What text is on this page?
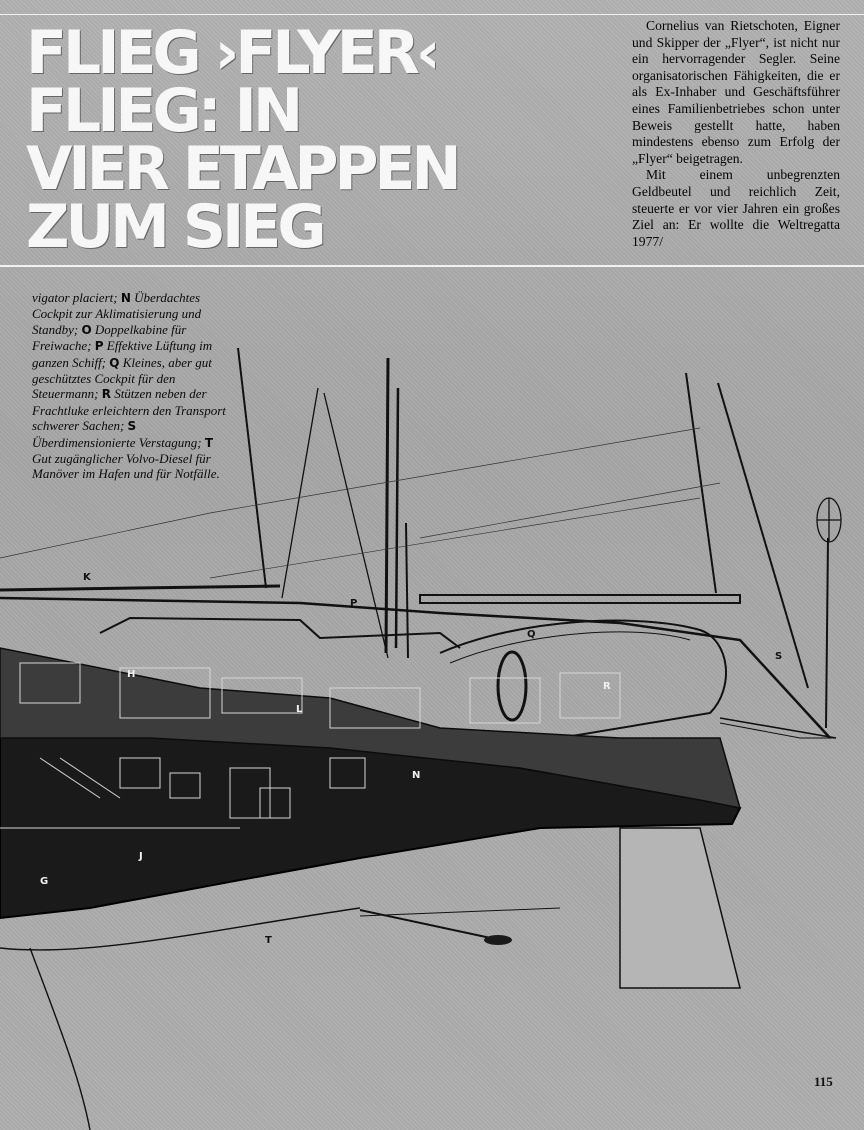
FLIEG ›FLYER‹
FLIEG: IN
VIER ETAPPEN
ZUM SIEG

Cornelius van Rietschoten, Eigner und Skipper der „Flyer“, ist nicht nur ein hervorragender Segler. Seine organisatorischen Fähigkeiten, die er als Ex-Inhaber und Geschäftsführer eines Familienbetriebes schon unter Beweis gestellt hatte, haben mindestens ebenso zum Erfolg der „Flyer“ beigetragen.

Mit einem unbegrenzten Geldbeutel und reichlich Zeit, steuerte er vor vier Jahren ein großes Ziel an: Er wollte die Weltregatta 1977/

K
P
Q
H
L
R
S
N
J
G
T
vigator placiert; N Überdachtes Cockpit zur Aklimatisierung und Standby; O Doppelkabine für Freiwache; P Effektive Lüftung im ganzen Schiff; Q Kleines, aber gut geschütztes Cockpit für den Steuermann; R Stützen neben der Frachtluke erleichtern den Transport schwerer Sachen; S Überdimensionierte Verstagung; T Gut zugänglicher Volvo-Diesel für Manöver im Hafen und für Notfälle.
115
